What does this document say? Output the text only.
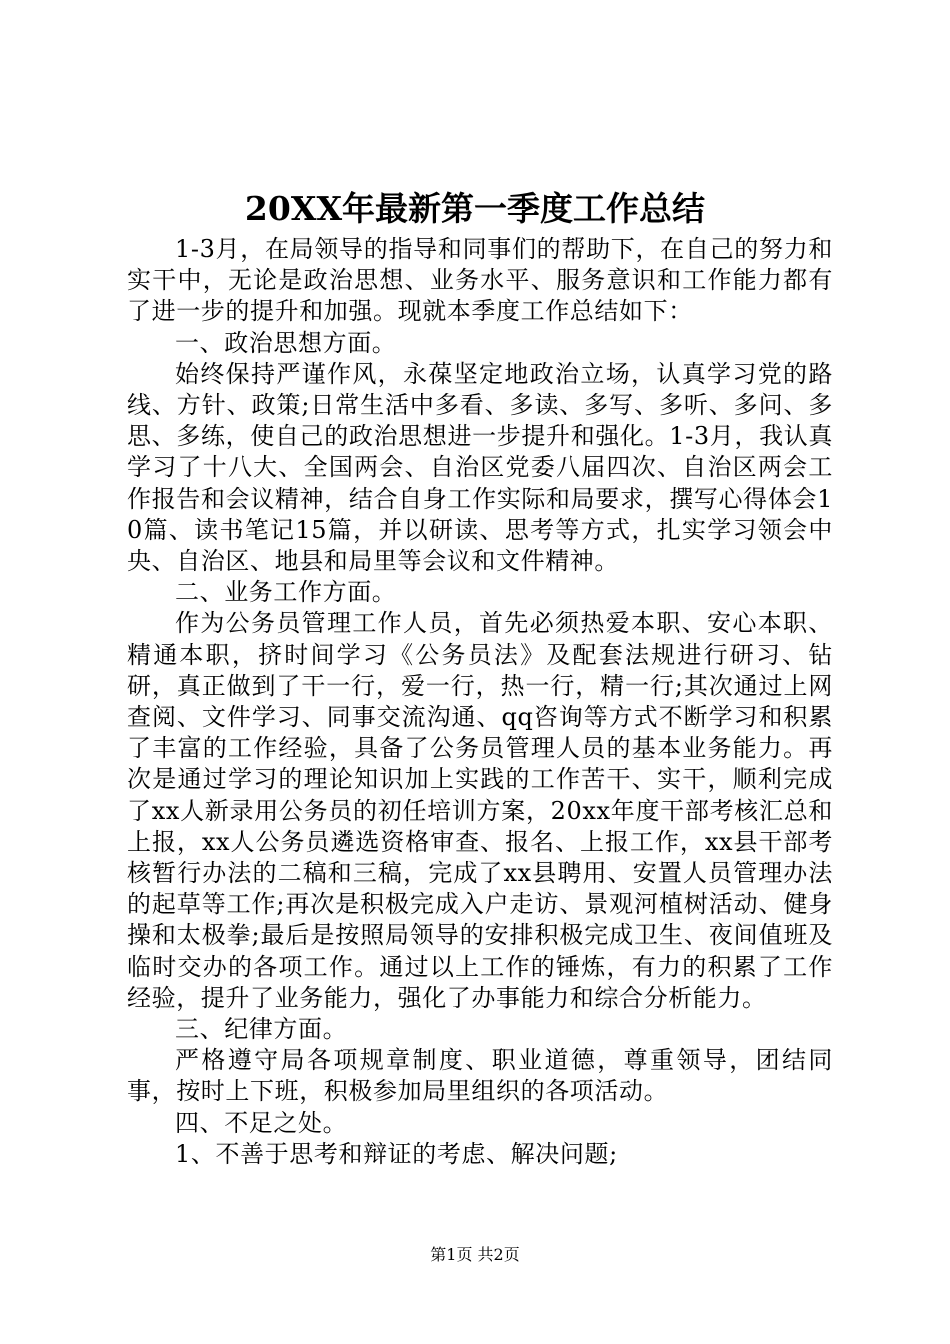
20XX年最新第一季度工作总结

1-3月，在局领导的指导和同事们的帮助下，在自己的努力和实干中，无论是政治思想、业务水平、服务意识和工作能力都有了进一步的提升和加强。现就本季度工作总结如下：

一、政治思想方面。

始终保持严谨作风，永葆坚定地政治立场，认真学习党的路线、方针、政策;日常生活中多看、多读、多写、多听、多问、多思、多练，使自己的政治思想进一步提升和强化。1-3月，我认真学习了十八大、全国两会、自治区党委八届四次、自治区两会工作报告和会议精神，结合自身工作实际和局要求，撰写心得体会10篇、读书笔记15篇，并以研读、思考等方式，扎实学习领会中央、自治区、地县和局里等会议和文件精神。

二、业务工作方面。

作为公务员管理工作人员，首先必须热爱本职、安心本职、精通本职，挤时间学习《公务员法》及配套法规进行研习、钻研，真正做到了干一行，爱一行，热一行，精一行;其次通过上网查阅、文件学习、同事交流沟通、qq咨询等方式不断学习和积累了丰富的工作经验，具备了公务员管理人员的基本业务能力。再次是通过学习的理论知识加上实践的工作苦干、实干，顺利完成了xx人新录用公务员的初任培训方案，20xx年度干部考核汇总和上报，xx人公务员遴选资格审查、报名、上报工作，xx县干部考核暂行办法的二稿和三稿，完成了xx县聘用、安置人员管理办法的起草等工作;再次是积极完成入户走访、景观河植树活动、健身操和太极拳;最后是按照局领导的安排积极完成卫生、夜间值班及临时交办的各项工作。通过以上工作的锤炼，有力的积累了工作经验，提升了业务能力，强化了办事能力和综合分析能力。

三、纪律方面。

严格遵守局各项规章制度、职业道德，尊重领导，团结同事，按时上下班，积极参加局里组织的各项活动。

四、不足之处。

1、不善于思考和辩证的考虑、解决问题;

第1页 共2页
